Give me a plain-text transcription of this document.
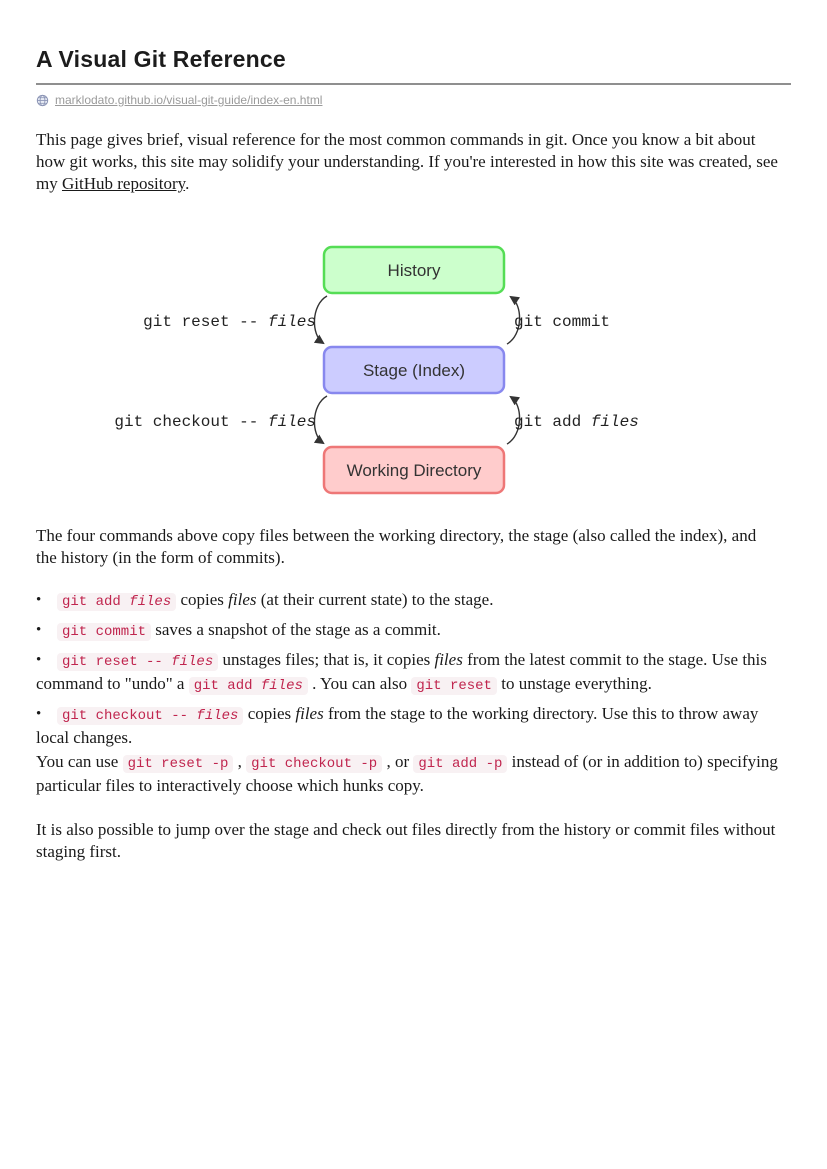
A Visual Git Reference
marklodato.github.io/visual-git-guide/index-en.html

This page gives brief, visual reference for the most common commands in git. Once you know a bit about how git works, this site may solidify your understanding. If you're interested in how this site was created, see my GitHub repository.

History
Stage (Index)
Working Directory
git reset -- files	git commit
git checkout -- files	git add files

The four commands above copy files between the working directory, the stage (also called the index), and the history (in the form of commits).

• git add files copies files (at their current state) to the stage.

• git commit saves a snapshot of the stage as a commit.

• git reset -- files unstages files; that is, it copies files from the latest commit to the stage. Use this command to "undo" a git add files . You can also git reset to unstage everything.

• git checkout -- files copies files from the stage to the working directory. Use this to throw away local changes.

You can use git reset -p , git checkout -p , or git add -p instead of (or in addition to) specifying particular files to interactively choose which hunks copy.

It is also possible to jump over the stage and check out files directly from the history or commit files without staging first.
